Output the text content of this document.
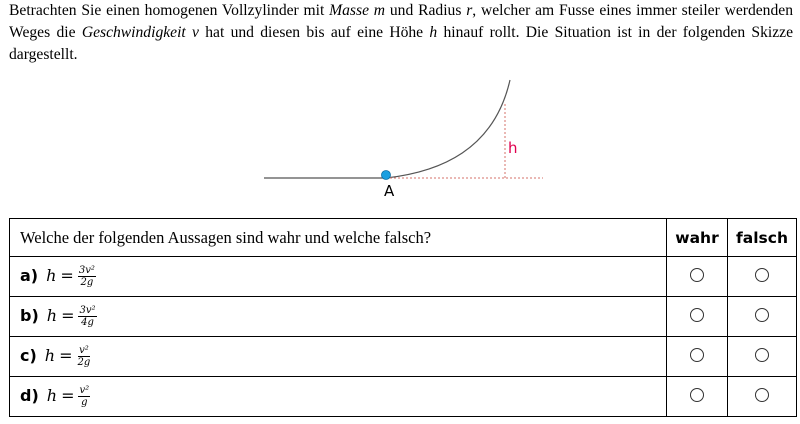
Betrachten Sie einen homogenen Vollzylinder mit Masse m und Radius r, welcher am Fusse eines immer steiler werdenden Weges die Geschwindigkeit v hat und diesen bis auf eine Höhe h hinauf rollt. Die Situation ist in der folgenden Skizze dargestellt.
A
h
Welche der folgenden Aussagen sind wahr und welche falsch?	wahr	falsch
a) $h = \frac{\text{3v²}}{2g}$

b) $h = \frac{\text{3v²}}{4g}$

c) $h = \frac{\text{v²}}{2g}$

d) $h = \frac{\text{v²}}{g}$
